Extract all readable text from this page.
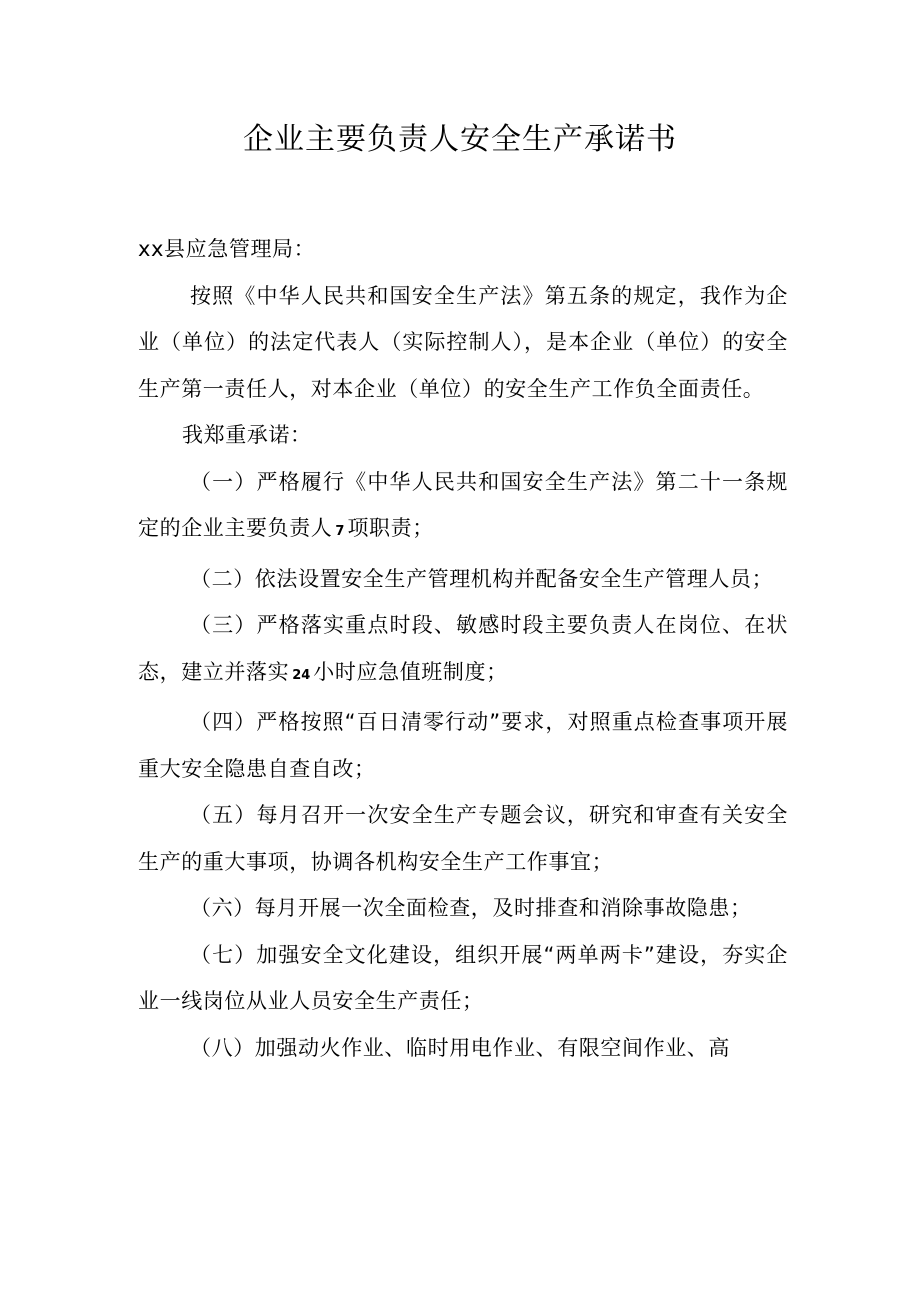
企业主要负责人安全生产承诺书

xx县应急管理局：

按照《中华人民共和国安全生产法》第五条的规定，我作为企业（单位）的法定代表人（实际控制人），是本企业（单位）的安全生产第一责任人，对本企业（单位）的安全生产工作负全面责任。

我郑重承诺：

（一）严格履行《中华人民共和国安全生产法》第二十一条规定的企业主要负责人 7 项职责；

（二）依法设置安全生产管理机构并配备安全生产管理人员；

（三）严格落实重点时段、敏感时段主要负责人在岗位、在状态，建立并落实 24 小时应急值班制度；

（四）严格按照“百日清零行动”要求，对照重点检查事项开展重大安全隐患自查自改；

（五）每月召开一次安全生产专题会议，研究和审查有关安全生产的重大事项，协调各机构安全生产工作事宜；

（六）每月开展一次全面检查，及时排查和消除事故隐患；

（七）加强安全文化建设，组织开展“两单两卡”建设，夯实企业一线岗位从业人员安全生产责任；

（八）加强动火作业、临时用电作业、有限空间作业、高
